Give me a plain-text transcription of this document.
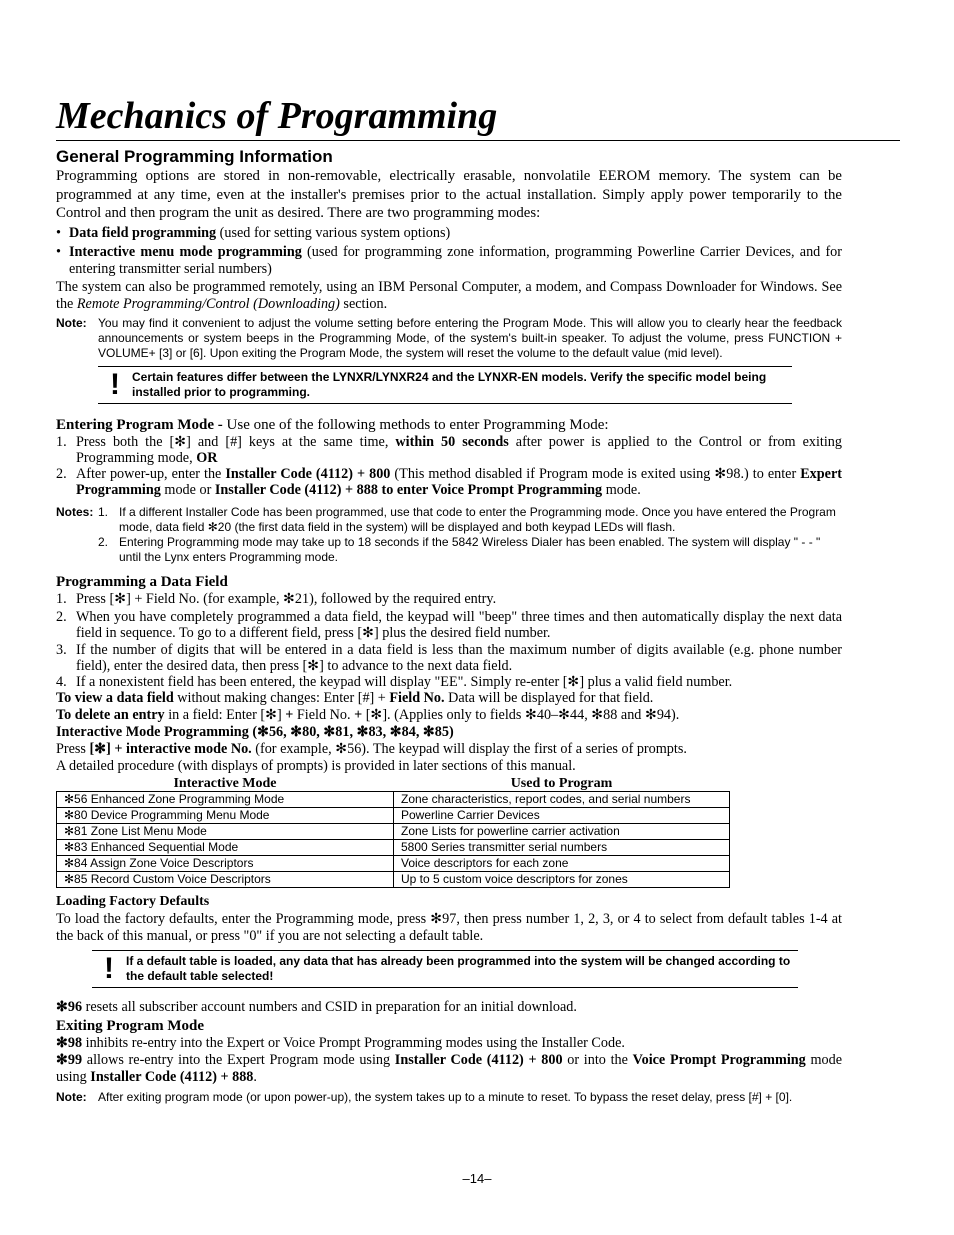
Mechanics of Programming
General Programming Information

Programming options are stored in non-removable, electrically erasable, nonvolatile EEROM memory. The system can be programmed at any time, even at the installer's premises prior to the actual installation. Simply apply power temporarily to the Control and then program the unit as desired. There are two programming modes:

• Data field programming (used for setting various system options)
• Interactive menu mode programming (used for programming zone information, programming Powerline Carrier Devices, and for entering transmitter serial numbers)

The system can also be programmed remotely, using an IBM Personal Computer, a modem, and Compass Downloader for Windows. See the Remote Programming/Control (Downloading) section.

Note: You may find it convenient to adjust the volume setting before entering the Program Mode. This will allow you to clearly hear the feedback announcements or system beeps in the Programming Mode, of the system's built-in speaker. To adjust the volume, press FUNCTION + VOLUME+ [3] or [6]. Upon exiting the Program Mode, the system will reset the volume to the default value (mid level).
!	Certain features differ between the LYNXR/LYNXR24 and the LYNXR-EN models. Verify the specific model being installed prior to programming.

Entering Program Mode - Use one of the following methods to enter Programming Mode:

1. Press both the [✻] and [#] keys at the same time, within 50 seconds after power is applied to the Control or from exiting Programming mode, OR
2. After power-up, enter the Installer Code (4112) + 800 (This method disabled if Program mode is exited using ✻98.) to enter Expert Programming mode or Installer Code (4112) + 888 to enter Voice Prompt Programming mode.
Notes: 1. If a different Installer Code has been programmed, use that code to enter the Programming mode. Once you have entered the Program mode, data field ✻20 (the first data field in the system) will be displayed and both keypad LEDs will flash.
2. Entering Programming mode may take up to 18 seconds if the 5842 Wireless Dialer has been enabled. The system will display " - - " until the Lynx enters Programming mode.
Programming a Data Field
1. Press [✻] + Field No. (for example, ✻21), followed by the required entry.
2. When you have completely programmed a data field, the keypad will "beep" three times and then automatically display the next data field in sequence. To go to a different field, press [✻] plus the desired field number.
3. If the number of digits that will be entered in a data field is less than the maximum number of digits available (e.g. phone number field), enter the desired data, then press [✻] to advance to the next data field.
4. If a nonexistent field has been entered, the keypad will display "EE". Simply re-enter [✻] plus a valid field number.

To view a data field without making changes: Enter [#] + Field No. Data will be displayed for that field.

To delete an entry in a field: Enter [✻] + Field No. + [✻]. (Applies only to fields ✻40–✻44, ✻88 and ✻94).

Interactive Mode Programming (✻56, ✻80, ✻81, ✻83, ✻84, ✻85)

Press [✻] + interactive mode No. (for example, ✻56). The keypad will display the first of a series of prompts.

A detailed procedure (with displays of prompts) is provided in later sections of this manual.

Interactive Mode	Used to Program
✻56 Enhanced Zone Programming Mode	Zone characteristics, report codes, and serial numbers
✻80 Device Programming Menu Mode	Powerline Carrier Devices
✻81 Zone List Menu Mode	Zone Lists for powerline carrier activation
✻83 Enhanced Sequential Mode	5800 Series transmitter serial numbers
✻84 Assign Zone Voice Descriptors	Voice descriptors for each zone
✻85 Record Custom Voice Descriptors	Up to 5 custom voice descriptors for zones
Loading Factory Defaults

To load the factory defaults, enter the Programming mode, press ✻97, then press number 1, 2, 3, or 4 to select from default tables 1-4 at the back of this manual, or press "0" if you are not selecting a default table.

!	If a default table is loaded, any data that has already been programmed into the system will be changed according to the default table selected!

✻96 resets all subscriber account numbers and CSID in preparation for an initial download.

Exiting Program Mode

✻98 inhibits re-entry into the Expert or Voice Prompt Programming modes using the Installer Code.

✻99 allows re-entry into the Expert Program mode using Installer Code (4112) + 800 or into the Voice Prompt Programming mode using Installer Code (4112) + 888.

Note: After exiting program mode (or upon power-up), the system takes up to a minute to reset. To bypass the reset delay, press [#] + [0].
–14–
